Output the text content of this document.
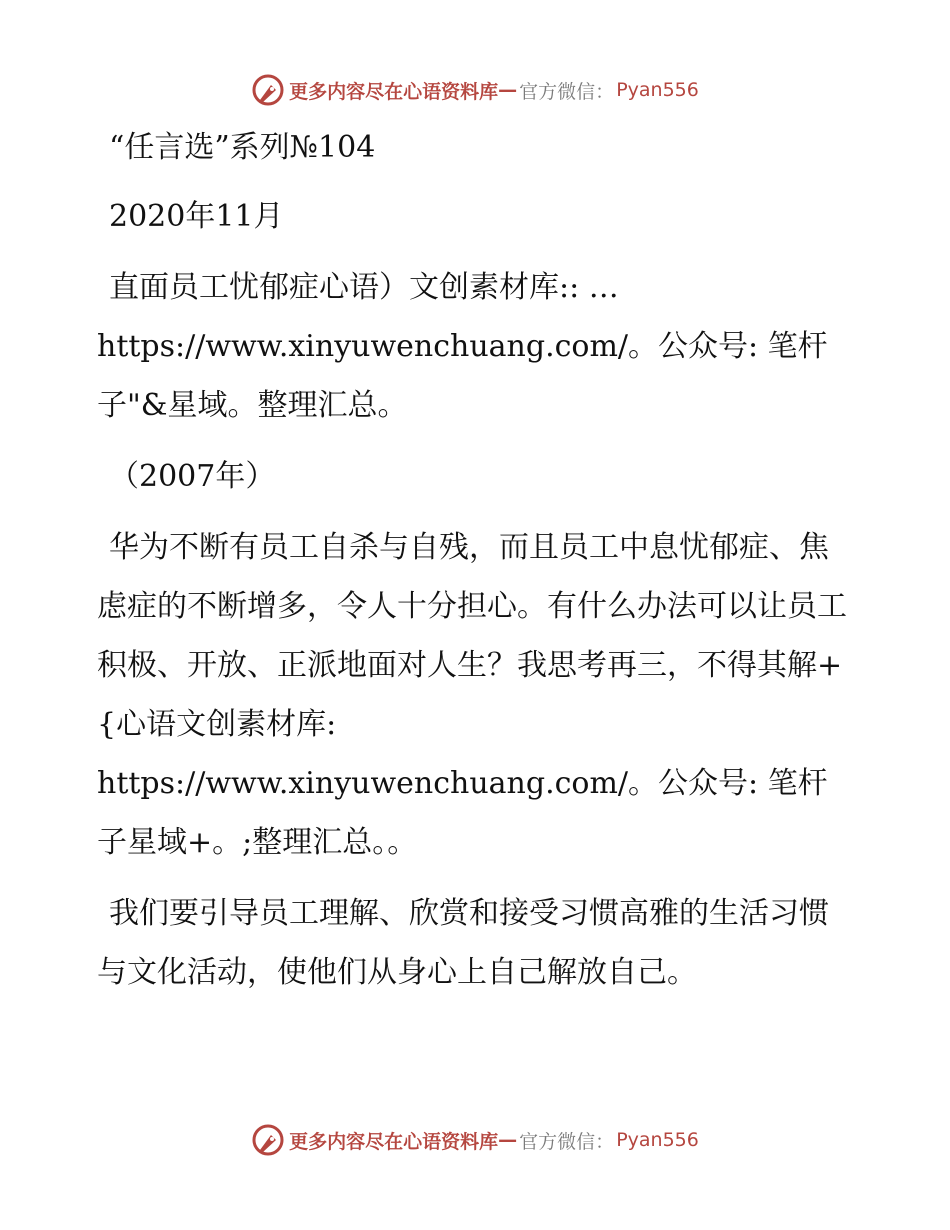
更多内容尽在心语资料库 — 官方微信： Pyan556

“任言选”系列№104

2020年11月

直面员工忧郁症心语）文创素材库:: … https://www.xinyuwenchuang.com/。公众号: 笔杆子"&星域。整理汇总。

（2007年）

华为不断有员工自杀与自残，而且员工中息忧郁症、焦虑症的不断增多，令人十分担心。有什么办法可以让员工积极、开放、正派地面对人生？我思考再三，不得其解+{心语文创素材库: https://www.xinyuwenchuang.com/。公众号: 笔杆子星域+。;整理汇总。。

我们要引导员工理解、欣赏和接受习惯高雅的生活习惯与文化活动，使他们从身心上自己解放自己。

更多内容尽在心语资料库 — 官方微信： Pyan556
